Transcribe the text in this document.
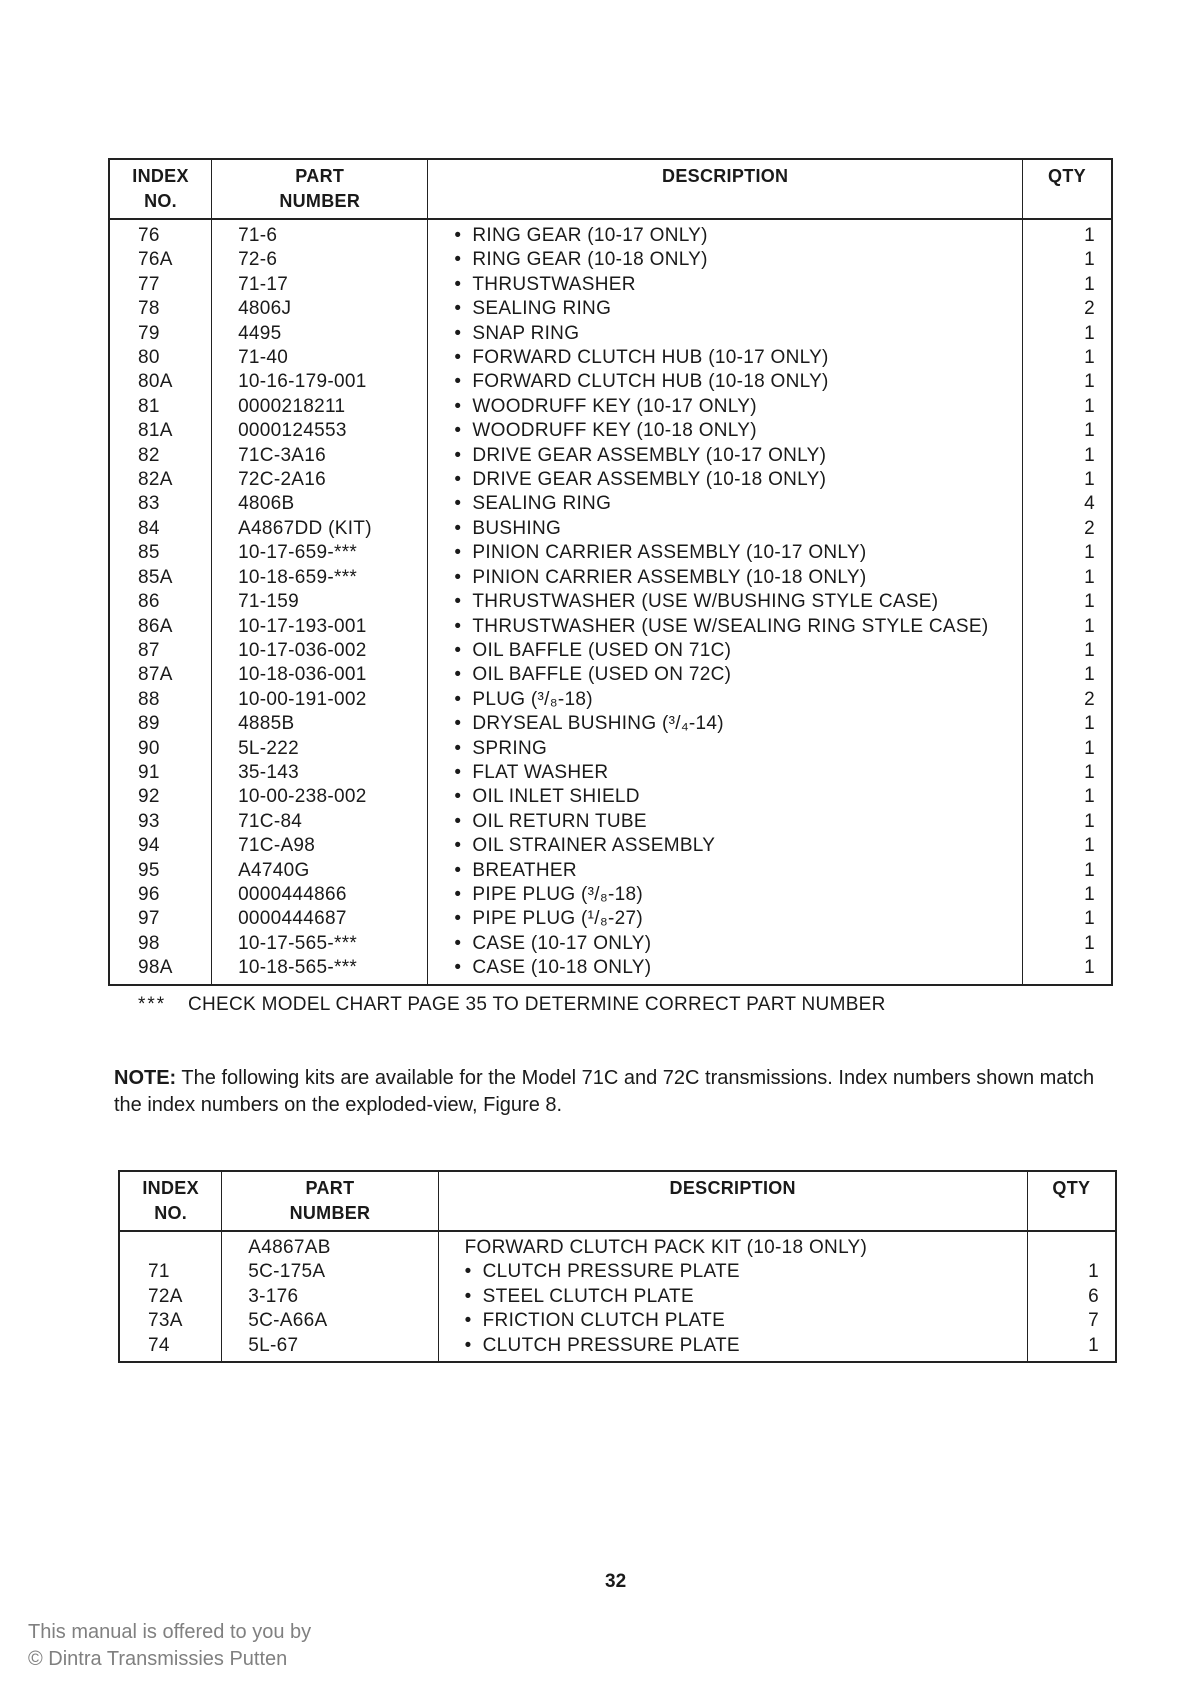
INDEX
NO.	PART
NUMBER	DESCRIPTION	QTY
76	71-6	• RING GEAR (10-17 ONLY)	1
76A	72-6	• RING GEAR (10-18 ONLY)	1
77	71-17	• THRUSTWASHER	1
78	4806J	• SEALING RING	2
79	4495	• SNAP RING	1
80	71-40	• FORWARD CLUTCH HUB (10-17 ONLY)	1
80A	10-16-179-001	• FORWARD CLUTCH HUB (10-18 ONLY)	1
81	0000218211	• WOODRUFF KEY (10-17 ONLY)	1
81A	0000124553	• WOODRUFF KEY (10-18 ONLY)	1
82	71C-3A16	• DRIVE GEAR ASSEMBLY (10-17 ONLY)	1
82A	72C-2A16	• DRIVE GEAR ASSEMBLY (10-18 ONLY)	1
83	4806B	• SEALING RING	4
84	A4867DD (KIT)	• BUSHING	2
85	10-17-659-***	• PINION CARRIER ASSEMBLY (10-17 ONLY)	1
85A	10-18-659-***	• PINION CARRIER ASSEMBLY (10-18 ONLY)	1
86	71-159	• THRUSTWASHER (USE W/BUSHING STYLE CASE)	1
86A	10-17-193-001	• THRUSTWASHER (USE W/SEALING RING STYLE CASE)	1
87	10-17-036-002	• OIL BAFFLE (USED ON 71C)	1
87A	10-18-036-001	• OIL BAFFLE (USED ON 72C)	1
88	10-00-191-002	• PLUG (³/₈-18)	2
89	4885B	• DRYSEAL BUSHING (³/₄-14)	1
90	5L-222	• SPRING	1
91	35-143	• FLAT WASHER	1
92	10-00-238-002	• OIL INLET SHIELD	1
93	71C-84	• OIL RETURN TUBE	1
94	71C-A98	• OIL STRAINER ASSEMBLY	1
95	A4740G	• BREATHER	1
96	0000444866	• PIPE PLUG (³/₈-18)	1
97	0000444687	• PIPE PLUG (¹/₈-27)	1
98	10-17-565-***	• CASE (10-17 ONLY)	1
98A	10-18-565-***	• CASE (10-18 ONLY)	1
*** CHECK MODEL CHART PAGE 35 TO DETERMINE CORRECT PART NUMBER
NOTE: The following kits are available for the Model 71C and 72C transmissions. Index numbers shown match the index numbers on the exploded-view, Figure 8.
INDEX
NO.	PART
NUMBER	DESCRIPTION	QTY
	A4867AB	FORWARD CLUTCH PACK KIT (10-18 ONLY)	
71	5C-175A	• CLUTCH PRESSURE PLATE	1
72A	3-176	• STEEL CLUTCH PLATE	6
73A	5C-A66A	• FRICTION CLUTCH PLATE	7
74	5L-67	• CLUTCH PRESSURE PLATE	1
32
This manual is offered to you by
© Dintra Transmissies Putten
